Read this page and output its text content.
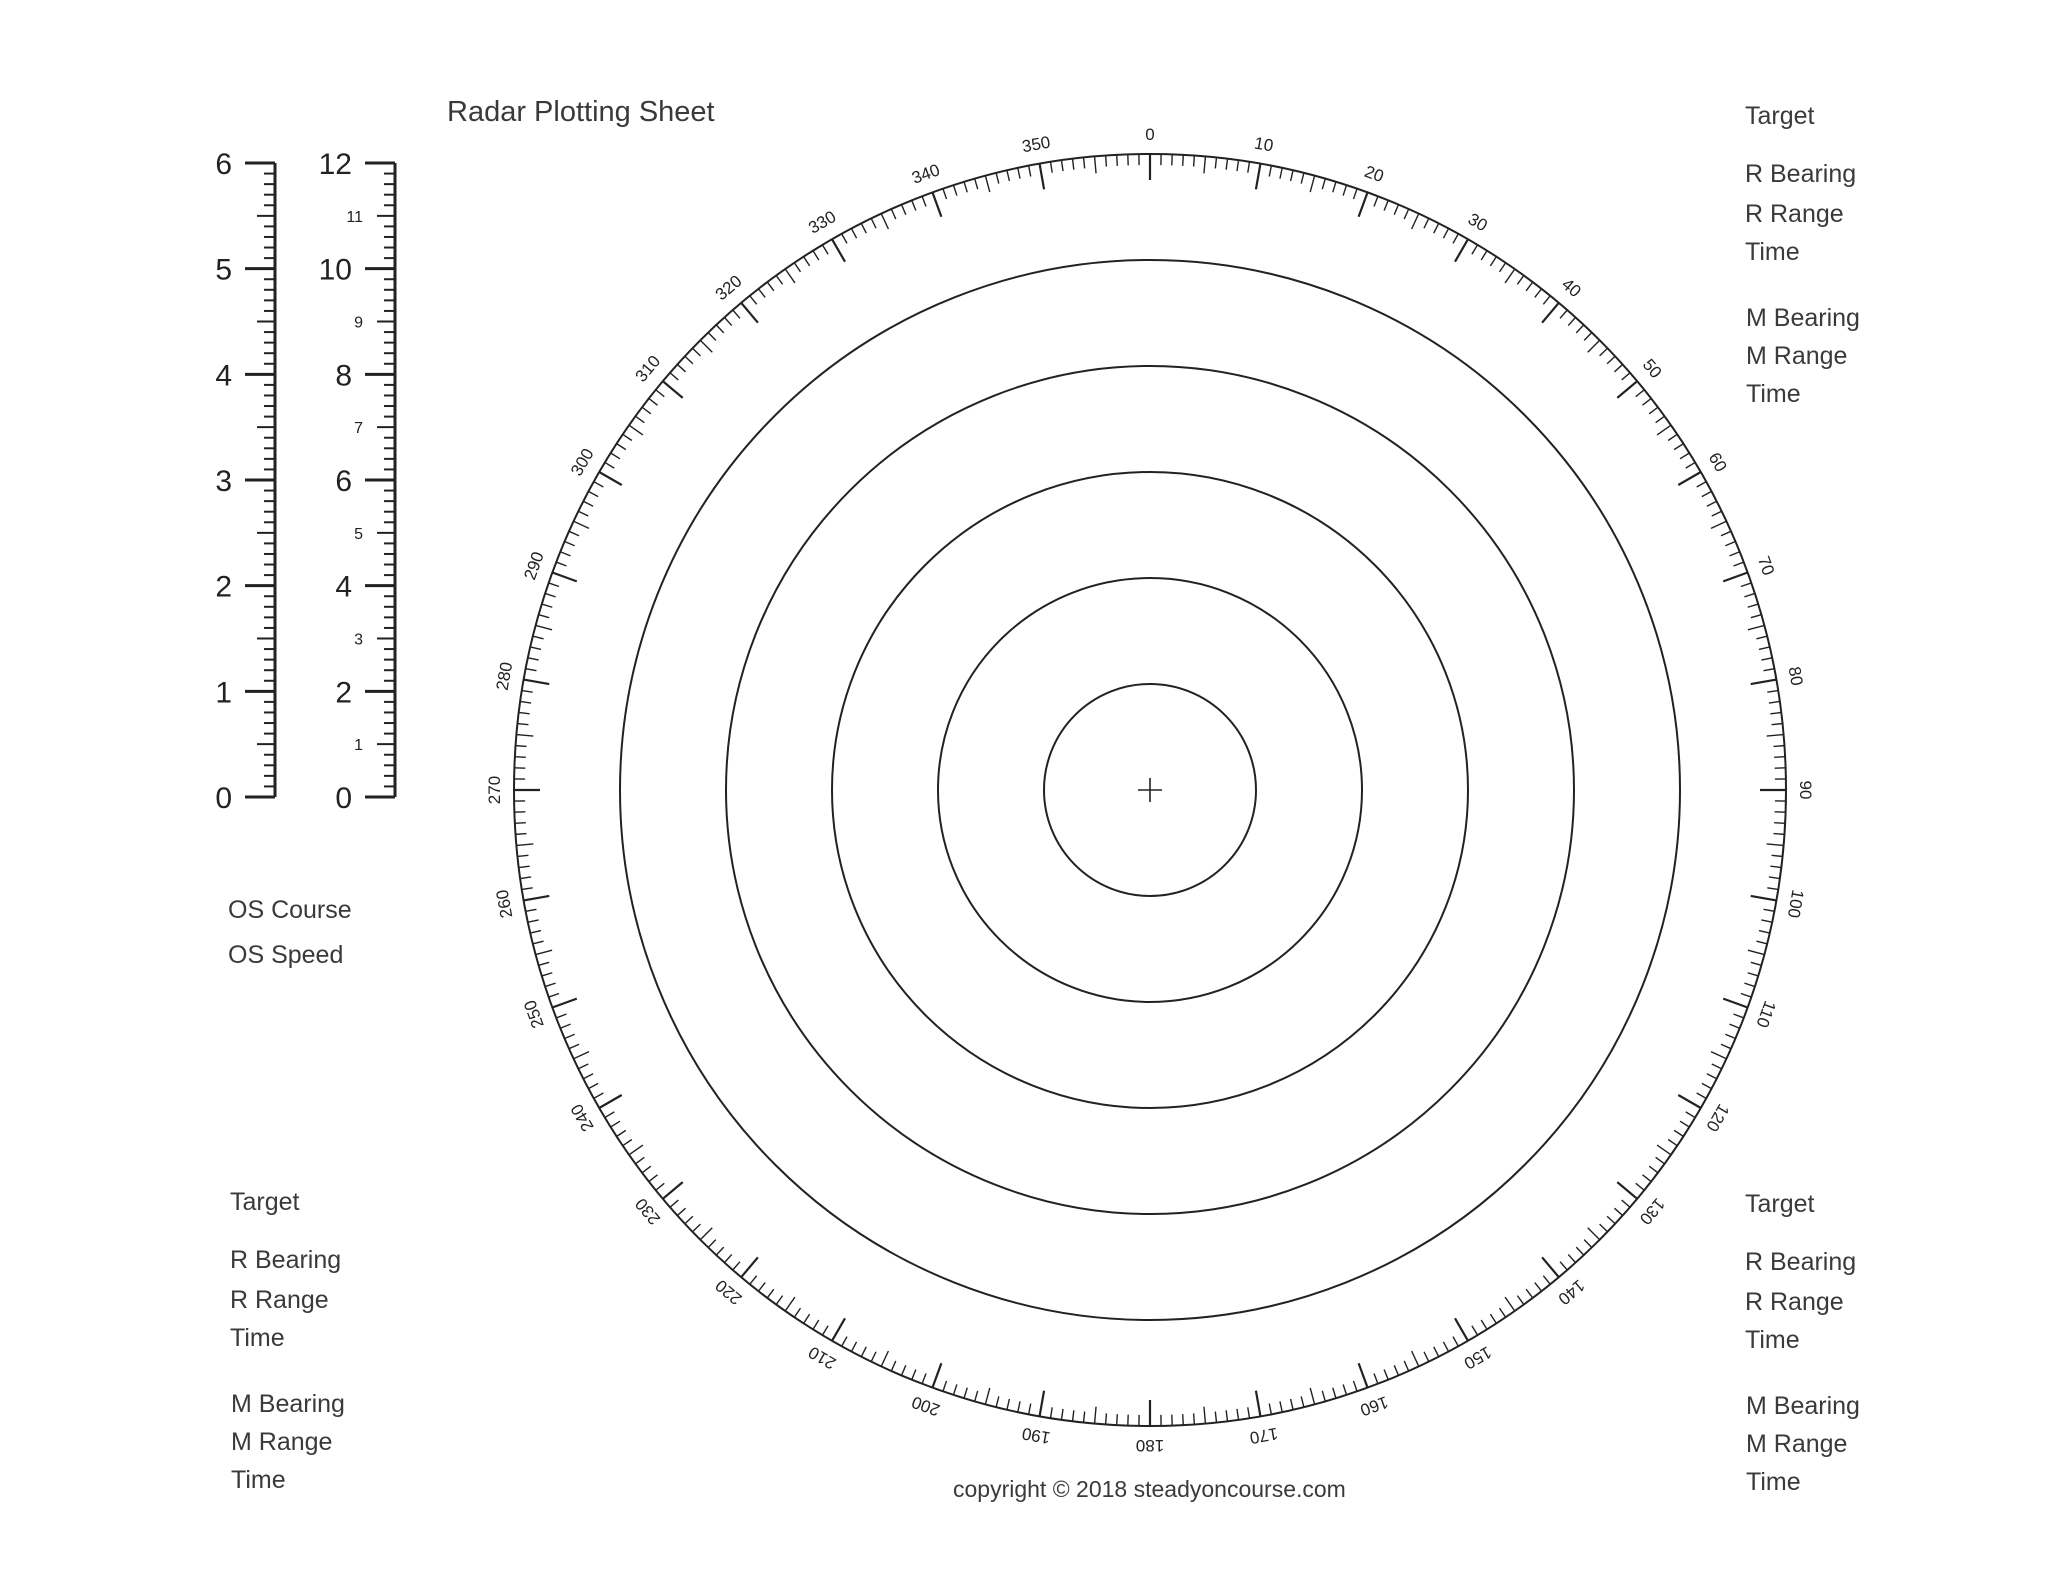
0
1
2
3
4
5
6
0
2
4
6
8
10
12
1
3
5
7
9
11
0	10
20
30
40
50
60
70
80
90
100
110
120
130
140
150
160
170
180
190
200
210
220
230
240
250
260
270
280
290
300
310
320
330
340
350
Radar Plotting Sheet	Target
R Bearing
R Range
Time
M Bearing
M Range
Time
OS Course
OS Speed
Target
R Bearing
R Range
Time
M Bearing
M Range
Time
Target
R Bearing
R Range
Time
M Bearing
M Range
Time
copyright © 2018 steadyoncourse.com
